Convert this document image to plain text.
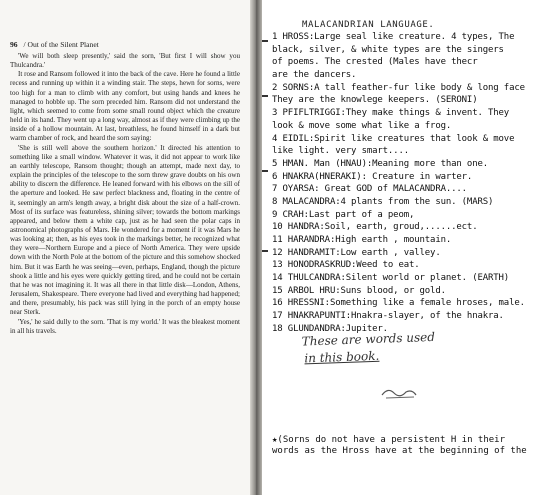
96 / Out of the Silent Planet

'We will both sleep presently,' said the sorn, 'But first I will show you Thulcandra.'

It rose and Ransom followed it into the back of the cave. Here he found a little recess and running up within it a winding stair. The steps, hewn for sorns, were too high for a man to climb with any comfort, but using hands and knees he managed to hobble up. The sorn preceded him. Ransom did not understand the light, which seemed to come from some small round object which the creature held in its hand. They went up a long way, almost as if they were climbing up the inside of a hollow mountain. At last, breathless, he found himself in a dark but warm chamber of rock, and heard the sorn saying:

'She is still well above the southern horizon.' It directed his attention to something like a small window. Whatever it was, it did not appear to work like an earthly telescope, Ransom thought; though an attempt, made next day, to explain the principles of the telescope to the sorn threw grave doubts on his own ability to discern the difference. He leaned forward with his elbows on the sill of the aperture and looked. He saw perfect blackness and, floating in the centre of it, seemingly an arm's length away, a bright disk about the size of a half-crown. Most of its surface was featureless, shining silver; towards the bottom markings appeared, and below them a white cap, just as he had seen the polar caps in astronomical photographs of Mars. He wondered for a moment if it was Mars he was looking at; then, as his eyes took in the markings better, he recognized what they were—Northern Europe and a piece of North America. They were upside down with the North Pole at the bottom of the picture and this somehow shocked him. But it was Earth he was seeing—even, perhaps, England, though the picture shook a little and his eyes were quickly getting tired, and he could not be certain that he was not imagining it. It was all there in that little disk—London, Athens, Jerusalem, Shakespeare. There everyone had lived and everything had happened; and there, presumably, his pack was still lying in the porch of an empty house near Sterk.

'Yes,' he said dully to the sorn. 'That is my world.' It was the bleakest moment in all his travels.

MALACANDRIAN LANGUAGE.
1 HROSS:Large seal like creature. 4 types, The
black, silver, & white types are the singers
of poems. The crested (Males have thecr
are the dancers.
2 SORNS:A tall feather-fur like body & long face
They are the knowlege keepers. (SERONI)
3 PFIFLTRIGGI:They make things & invent. They
look & move some what like a frog.
4 EIDIL:Spirit like creatures that look & move
like light. very smart....
5 HMAN. Man (HNAU):Meaning more than one.
6 HNAKRA(HNERAKI): Creature in warter.
7 OYARSA: Great GOD of MALACANDRA....
8 MALACANDRA:4 plants from the sun. (MARS)
9 CRAH:Last part of a peom,
10 HANDRA:Soil, earth, groud,......ect.
11 HARANDRA:High earth , mountain.
12 HANDRAMIT:Low earth , valley.
13 HONODRASKRUD:Weed to eat.
14 THULCANDRA:Silent world or planet. (EARTH)
15 ARBOL HRU:Suns blood, or gold.
16 HRESSNI:Something like a female hroses, male.
17 HNAKRAPUNTI:Hnakra-slayer, of the hnakra.
18 GLUNDANDRA:Jupiter.
These are words used
in this book.
★(Sorns do not have a persistent H in their
words as the Hross have at the beginning of the
